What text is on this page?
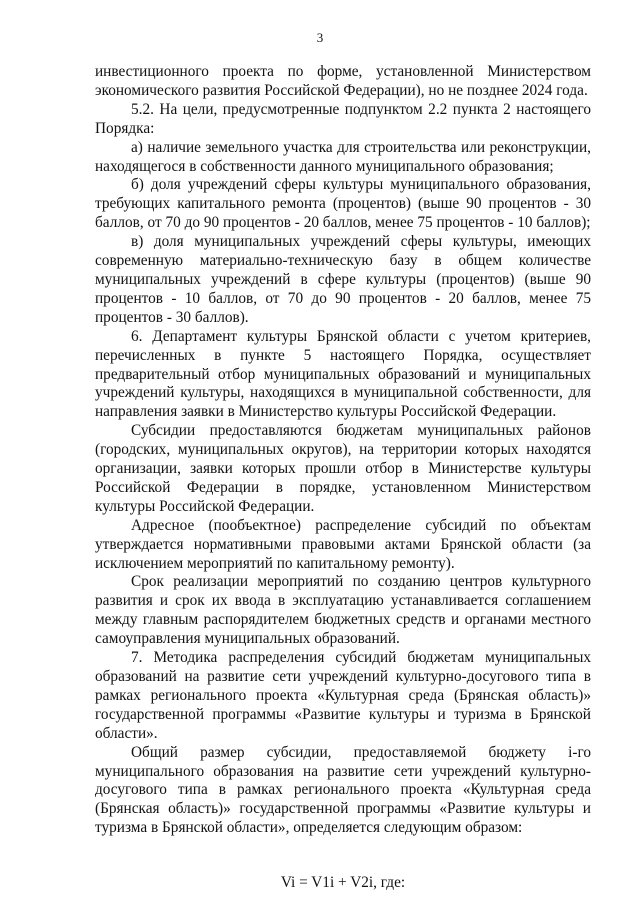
3

инвестиционного проекта по форме, установленной Министерством экономического развития Российской Федерации), но не позднее 2024 года.

5.2. На цели, предусмотренные подпунктом 2.2 пункта 2 настоящего Порядка:

а) наличие земельного участка для строительства или реконструкции, находящегося в собственности данного муниципального образования;

б) доля учреждений сферы культуры муниципального образования, требующих капитального ремонта (процентов) (выше 90 процентов - 30 баллов, от 70 до 90 процентов - 20 баллов, менее 75 процентов - 10 баллов);

в) доля муниципальных учреждений сферы культуры, имеющих современную материально-техническую базу в общем количестве муниципальных учреждений в сфере культуры (процентов) (выше 90 процентов - 10 баллов, от 70 до 90 процентов - 20 баллов, менее 75 процентов - 30 баллов).

6. Департамент культуры Брянской области с учетом критериев, перечисленных в пункте 5 настоящего Порядка, осуществляет предварительный отбор муниципальных образований и муниципальных учреждений культуры, находящихся в муниципальной собственности, для направления заявки в Министерство культуры Российской Федерации.

Субсидии предоставляются бюджетам муниципальных районов (городских, муниципальных округов), на территории которых находятся организации, заявки которых прошли отбор в Министерстве культуры Российской Федерации в порядке, установленном Министерством культуры Российской Федерации.

Адресное (пообъектное) распределение субсидий по объектам утверждается нормативными правовыми актами Брянской области (за исключением мероприятий по капитальному ремонту).

Срок реализации мероприятий по созданию центров культурного развития и срок их ввода в эксплуатацию устанавливается соглашением между главным распорядителем бюджетных средств и органами местного самоуправления муниципальных образований.

7. Методика распределения субсидий бюджетам муниципальных образований на развитие сети учреждений культурно-досугового типа в рамках регионального проекта «Культурная среда (Брянская область)» государственной программы «Развитие культуры и туризма в Брянской области».

Общий размер субсидии, предоставляемой бюджету i-го муниципального образования на развитие сети учреждений культурно-досугового типа в рамках регионального проекта «Культурная среда (Брянская область)» государственной программы «Развитие культуры и туризма в Брянской области», определяется следующим образом:

Vi = V1i + V2i, где:
